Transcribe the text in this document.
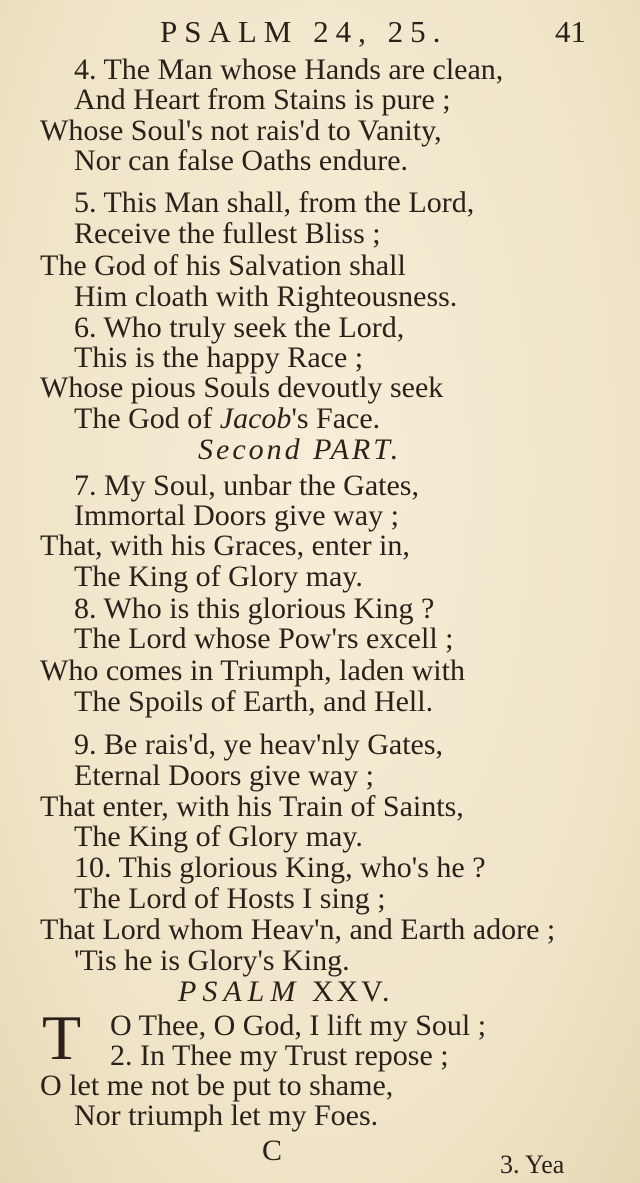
PSALM 24, 25.	41
4. The Man whose Hands are clean,
And Heart from Stains is pure ;
Whose Soul's not rais'd to Vanity,
Nor can false Oaths endure.
5. This Man shall, from the Lord,
Receive the fullest Bliss ;
The God of his Salvation shall
Him cloath with Righteousness.
6. Who truly seek the Lord,
This is the happy Race ;
Whose pious Souls devoutly seek
The God of Jacob's Face.
Second PART.
7. My Soul, unbar the Gates,
Immortal Doors give way ;
That, with his Graces, enter in,
The King of Glory may.
8. Who is this glorious King ?
The Lord whose Pow'rs excell ;
Who comes in Triumph, laden with
The Spoils of Earth, and Hell.
9. Be rais'd, ye heav'nly Gates,
Eternal Doors give way ;
That enter, with his Train of Saints,
The King of Glory may.
10. This glorious King, who's he ?
The Lord of Hosts I sing ;
That Lord whom Heav'n, and Earth adore ;
'Tis he is Glory's King.
PSALM XXV.
T O Thee, O God, I lift my Soul ;
2. In Thee my Trust repose ;
O let me not be put to shame,
Nor triumph let my Foes.
C	3. Yea
